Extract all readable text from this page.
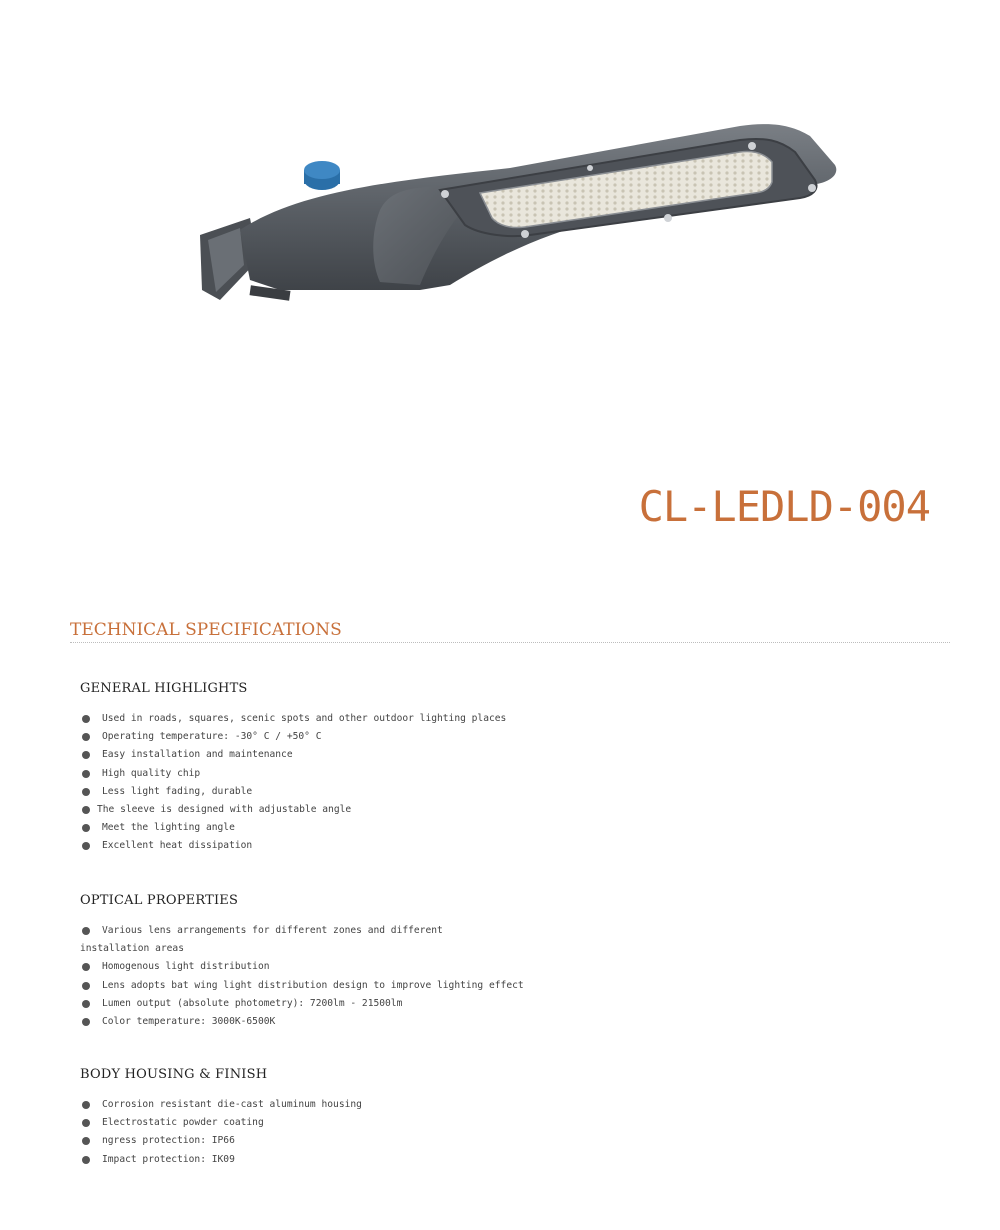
CL-LEDLD-004
TECHNICAL SPECIFICATIONS
GENERAL HIGHLIGHTS
Used in roads, squares, scenic spots and other outdoor lighting places
Operating temperature: -30° C / +50° C
Easy installation and maintenance
High quality chip
Less light fading, durable
The sleeve is designed with adjustable angle
Meet the lighting angle
Excellent heat dissipation
OPTICAL PROPERTIES
Various lens arrangements for different zones and different installation areas
Homogenous light distribution
Lens adopts bat wing light distribution design to improve lighting effect
Lumen output (absolute photometry): 7200lm - 21500lm
Color temperature: 3000K-6500K
BODY HOUSING & FINISH
Corrosion resistant die-cast aluminum housing
Electrostatic powder coating
ngress protection: IP66
Impact protection: IK09
